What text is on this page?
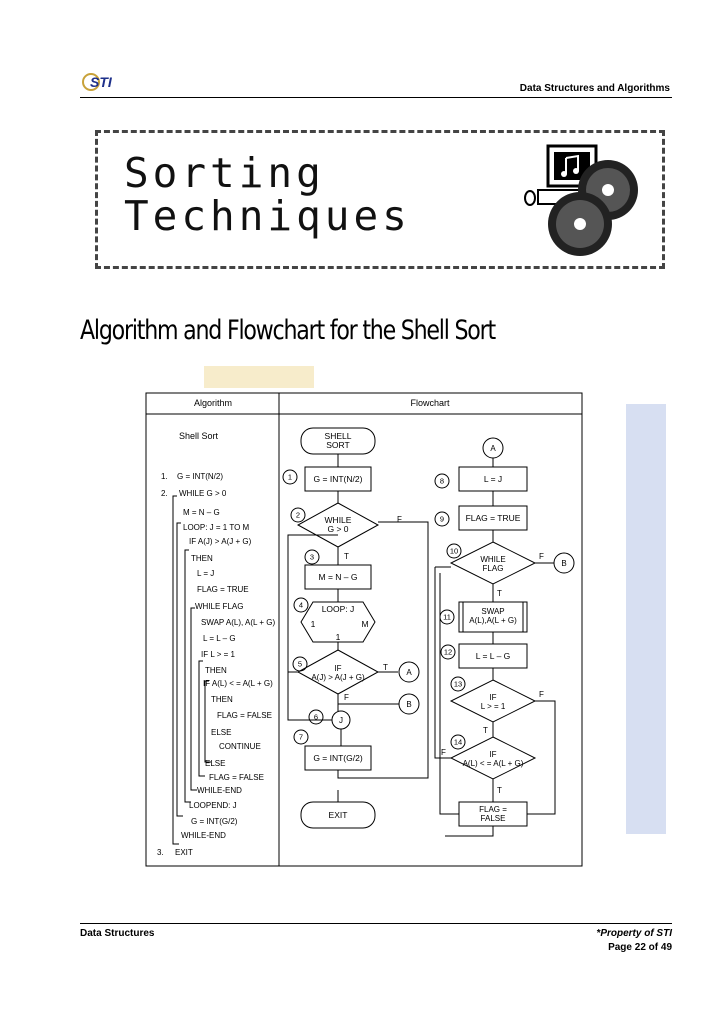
STI	Data Structures and Algorithms
Sorting
Techniques
Algorithm and Flowchart for the Shell Sort
Algorithm	Flowchart
Shell Sort
1. G = INT(N/2)
2. WHILE G > 0
M = N – G
LOOP: J = 1 TO M
IF A(J) > A(J + G)
THEN
L = J
FLAG = TRUE
WHILE FLAG
SWAP A(L), A(L + G)
L = L – G
IF L > = 1
THEN
IF A(L) < = A(L + G)
THEN
FLAG = FALSE
ELSE
CONTINUE
ELSE
FLAG = FALSE
WHILE-END
LOOPEND: J
G = INT(G/2)
WHILE-END
3. EXIT
SHELL
SORT
G = INT(N/2)
WHILE
G > 0
M = N – G
LOOP: J
1	M
1
IF
A(J) > A(J + G)
A
B
J
G = INT(G/2)
EXIT
T
F
T
F
A
L = J
FLAG = TRUE
WHILE
FLAG
B
SWAP
A(L),A(L + G)
L = L – G
IF
L > = 1
IF
A(L) < = A(L + G)
FLAG =
FALSE
F
T
F
T
F
T
1
2
3
4
5
6
7
8
9
10
11
12
13
14
Data Structures	*Property of STI
Page 22 of 49
